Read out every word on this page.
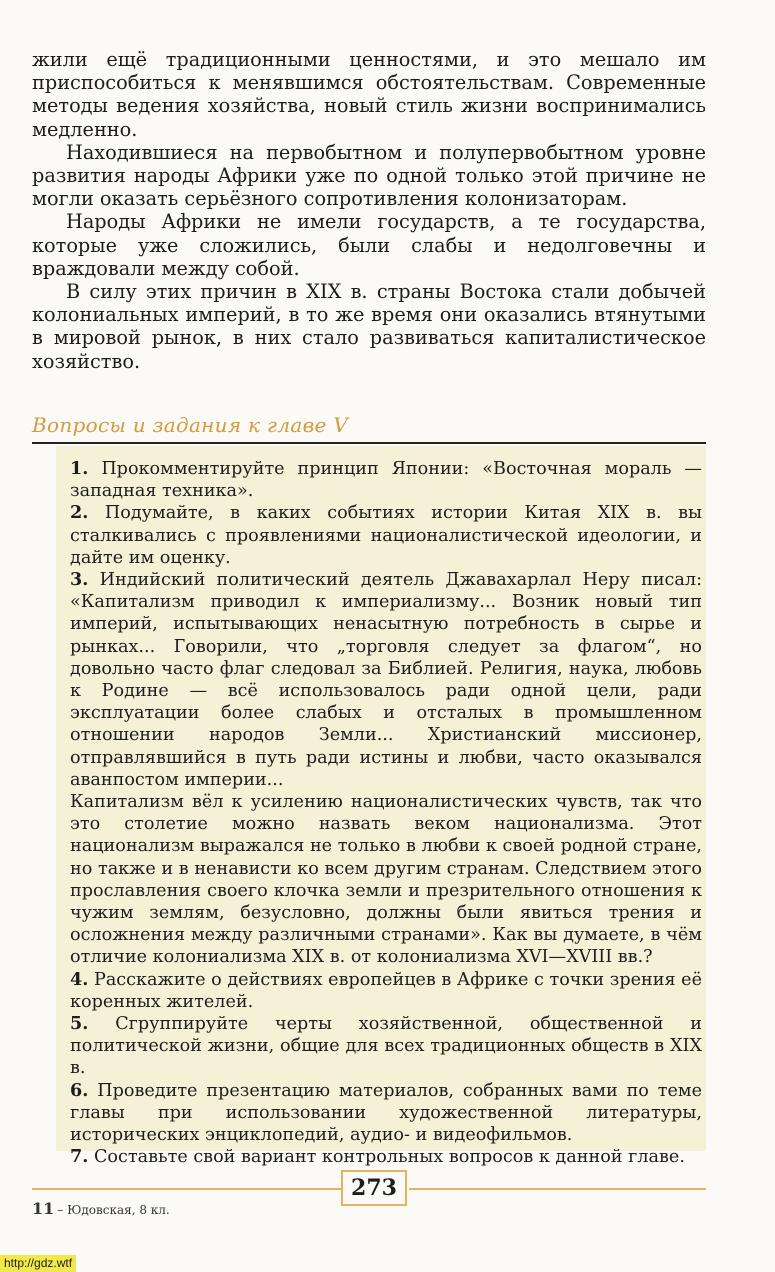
жили ещё традиционными ценностями, и это мешало им приспособиться к менявшимся обстоятельствам. Современные методы ведения хозяйства, новый стиль жизни воспринимались медленно.

Находившиеся на первобытном и полупервобытном уровне развития народы Африки уже по одной только этой причине не могли оказать серьёзного сопротивления колонизаторам.

Народы Африки не имели государств, а те государства, которые уже сложились, были слабы и недолговечны и враждовали между собой.

В силу этих причин в XIX в. страны Востока стали добычей колониальных империй, в то же время они оказались втянутыми в мировой рынок, в них стало развиваться капиталистическое хозяйство.

Вопросы и задания к главе V

1. Прокомментируйте принцип Японии: «Восточная мораль — западная техника».

2. Подумайте, в каких событиях истории Китая XIX в. вы сталкивались с проявлениями националистической идеологии, и дайте им оценку.

3. Индийский политический деятель Джавахарлал Неру писал: «Капитализм приводил к империализму... Возник новый тип империй, испытывающих ненасытную потребность в сырье и рынках... Говорили, что „торговля следует за флагом“, но довольно часто флаг следовал за Библией. Религия, наука, любовь к Родине — всё использовалось ради одной цели, ради эксплуатации более слабых и отсталых в промышленном отношении народов Земли... Христианский миссионер, отправлявшийся в путь ради истины и любви, часто оказывался аванпостом империи...

Капитализм вёл к усилению националистических чувств, так что это столетие можно назвать веком национализма. Этот национализм выражался не только в любви к своей родной стране, но также и в ненависти ко всем другим странам. Следствием этого прославления своего клочка земли и презрительного отношения к чужим землям, безусловно, должны были явиться трения и осложнения между различными странами». Как вы думаете, в чём отличие колониализма XIX в. от колониализма XVI—XVIII вв.?

4. Расскажите о действиях европейцев в Африке с точки зрения её коренных жителей.

5. Сгруппируйте черты хозяйственной, общественной и политической жизни, общие для всех традиционных обществ в XIX в.

6. Проведите презентацию материалов, собранных вами по теме главы при использовании художественной литературы, исторических энциклопедий, аудио- и видеофильмов.

7. Составьте свой вариант контрольных вопросов к данной главе.

273
11 – Юдовская, 8 кл.
http://gdz.wtf
